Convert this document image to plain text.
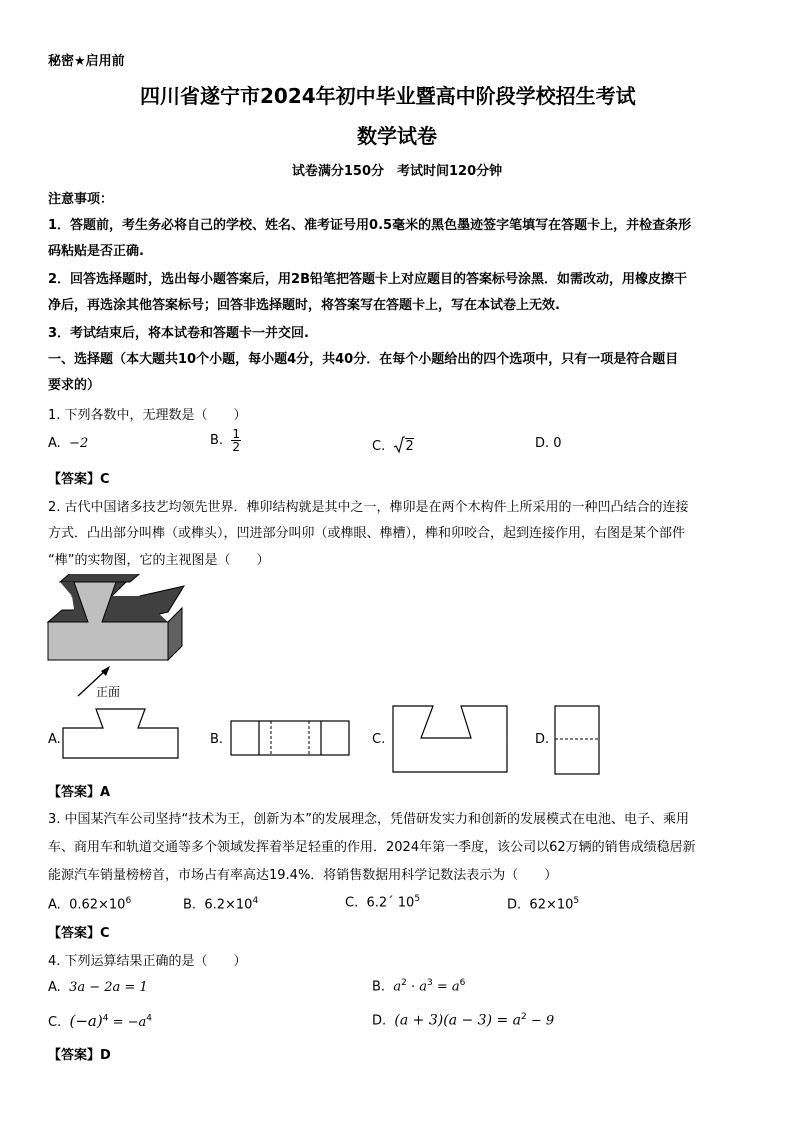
秘密★启用前
四川省遂宁市2024年初中毕业暨高中阶段学校招生考试
数学试卷
试卷满分150分　考试时间120分钟
注意事项：
1．答题前，考生务必将自己的学校、姓名、准考证号用0.5毫米的黑色墨迹签字笔填写在答题卡上，并检查条形
码粘贴是否正确.
2．回答选择题时，选出每小题答案后，用2B铅笔把答题卡上对应题目的答案标号涂黑．如需改动，用橡皮擦干
净后，再选涂其他答案标号；回答非选择题时，将答案写在答题卡上，写在本试卷上无效.
3．考试结束后，将本试卷和答题卡一并交回.
一、选择题（本大题共10个小题，每小题4分，共40分．在每个小题给出的四个选项中，只有一项是符合题目
要求的）
1. 下列各数中，无理数是（　　）
A. −2	B. $\frac{1}{2}$	C. 2	D. 0
【答案】C
2. 古代中国诸多技艺均领先世界．榫卯结构就是其中之一，榫卯是在两个木构件上所采用的一种凹凸结合的连接
方式．凸出部分叫榫（或榫头），凹进部分叫卯（或榫眼、榫槽），榫和卯咬合，起到连接作用，右图是某个部件
“榫”的实物图，它的主视图是（　　）
正面
A.	B.	C.	D.
【答案】A
3. 中国某汽车公司坚持“技术为王，创新为本”的发展理念，凭借研发实力和创新的发展模式在电池、电子、乘用
车、商用车和轨道交通等多个领域发挥着举足轻重的作用．2024年第一季度，该公司以62万辆的销售成绩稳居新
能源汽车销量榜榜首，市场占有率高达19.4%．将销售数据用科学记数法表示为（　　）
A. $0.62\times 10^6$	B. $6.2\times 10^4$	C. 6.2´ $10^5$	D. $62\times 10^5$
【答案】C
4. 下列运算结果正确的是（　　）
A. 3a − 2a = 1	B. $a^2 \cdot a^3 = a^6$
C. $(-a)^4 = -a^4$	D. $(a + 3)(a - 3) = a^2 - 9$
【答案】D
